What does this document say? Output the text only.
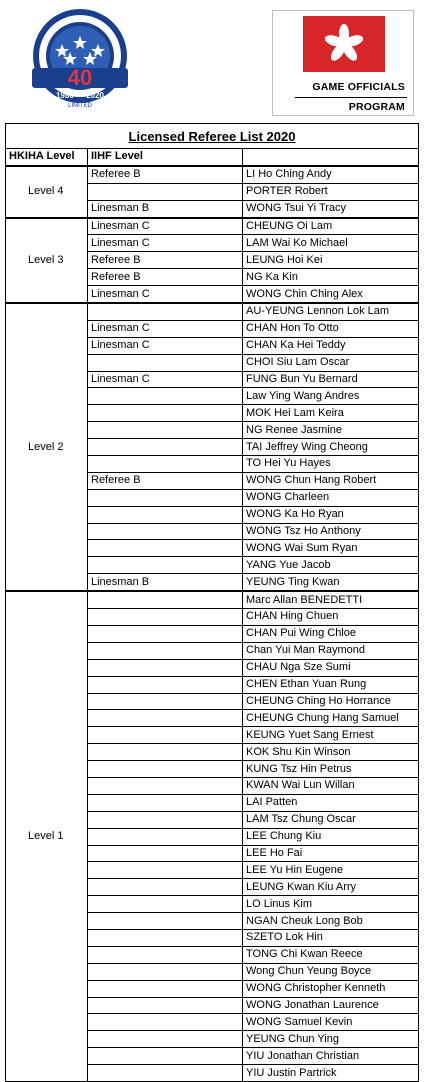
40
1980 — 2020
LIMITED
GAME OFFICIALS
PROGRAM
Licensed Referee List 2020		
HKIHA Level	IIHF Level	
Level 4	Referee B	LI Ho Ching Andy
		PORTER Robert
	Linesman B	WONG Tsui Yi Tracy
Level 3	Linesman C	CHEUNG Oi Lam
	Linesman C	LAM Wai Ko Michael
	Referee B	LEUNG Hoi Kei
	Referee B	NG Ka Kin
	Linesman C	WONG Chin Ching Alex
Level 2		AU-YEUNG Lennon Lok Lam
	Linesman C	CHAN Hon To Otto
	Linesman C	CHAN Ka Hei Teddy
		CHOI Siu Lam Oscar
	Linesman C	FUNG Bun Yu Bernard
		Law Ying Wang Andres
		MOK Hei Lam Keira
		NG Renee Jasmine
		TAI Jeffrey Wing Cheong
		TO Hei Yu Hayes
	Referee B	WONG Chun Hang Robert
		WONG Charleen
		WONG Ka Ho Ryan
		WONG Tsz Ho Anthony
		WONG Wai Sum Ryan
		YANG Yue Jacob
	Linesman B	YEUNG Ting Kwan
Level 1		Marc Allan BENEDETTI
		CHAN Hing Chuen
		CHAN Pui Wing Chloe
		Chan Yui Man Raymond
		CHAU Nga Sze Sumi
		CHEN Ethan Yuan Rung
		CHEUNG Ching Ho Horrance
		CHEUNG Chung Hang Samuel
		KEUNG Yuet Sang Ernest
		KOK Shu Kin Winson
		KUNG Tsz Hin Petrus
		KWAN Wai Lun Willan
		LAI Patten
		LAM Tsz Chung Oscar
		LEE Chung Kiu
		LEE Ho Fai
		LEE Yu Hin Eugene
		LEUNG Kwan Kiu Arry
		LO Linus Kim
		NGAN Cheuk Long Bob
		SZETO Lok Hin
		TONG Chi Kwan Reece
		Wong Chun Yeung Boyce
		WONG Christopher Kenneth
		WONG Jonathan Laurence
		WONG Samuel Kevin
		YEUNG Chun Ying
		YIU Jonathan Christian
		YIU Justin Partrick
